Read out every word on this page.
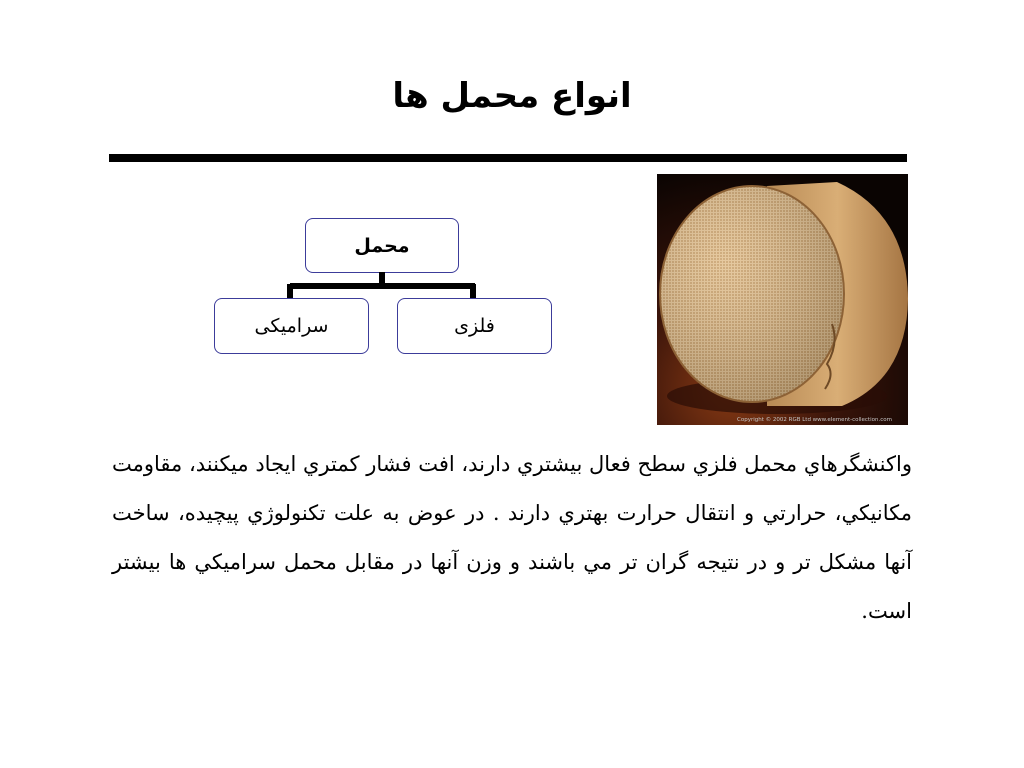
انواع محمل ها
محمل
فلزی
سرامیکی
Copyright © 2002 RGB Ltd www.element-collection.com
واكنشگرهاي محمل فلزي سطح فعال بيشتري دارند، افت فشار كمتري ايجاد ميكنند، مقاومت مكانيكي، حرارتي و انتقال حرارت بهتري دارند . در عوض به علت تكنولوژي پيچيده، ساخت آنها مشكل تر و در نتيجه گران تر مي باشند و وزن آنها در مقابل محمل سراميكي ها بيشتر است.
